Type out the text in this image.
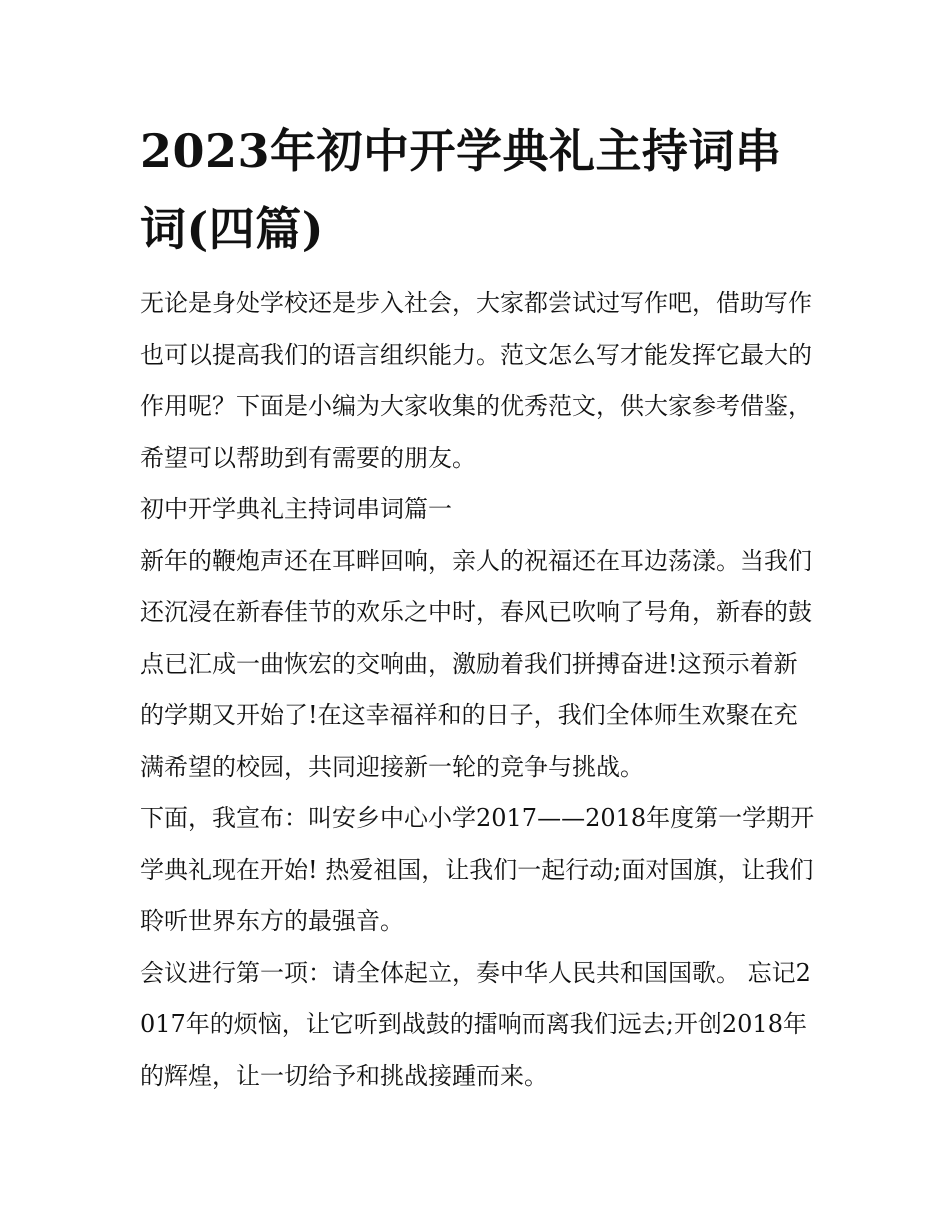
2023年初中开学典礼主持词串词(四篇)

无论是身处学校还是步入社会，大家都尝试过写作吧，借助写作也可以提高我们的语言组织能力。范文怎么写才能发挥它最大的作用呢？下面是小编为大家收集的优秀范文，供大家参考借鉴，希望可以帮助到有需要的朋友。

初中开学典礼主持词串词篇一

新年的鞭炮声还在耳畔回响，亲人的祝福还在耳边荡漾。当我们还沉浸在新春佳节的欢乐之中时，春风已吹响了号角，新春的鼓点已汇成一曲恢宏的交响曲，激励着我们拼搏奋进!这预示着新的学期又开始了!在这幸福祥和的日子，我们全体师生欢聚在充满希望的校园，共同迎接新一轮的竞争与挑战。

下面，我宣布：叫安乡中心小学2017——2018年度第一学期开学典礼现在开始! 热爱祖国，让我们一起行动;面对国旗，让我们聆听世界东方的最强音。

会议进行第一项：请全体起立，奏中华人民共和国国歌。 忘记2017年的烦恼，让它听到战鼓的擂响而离我们远去;开创2018年的辉煌，让一切给予和挑战接踵而来。
